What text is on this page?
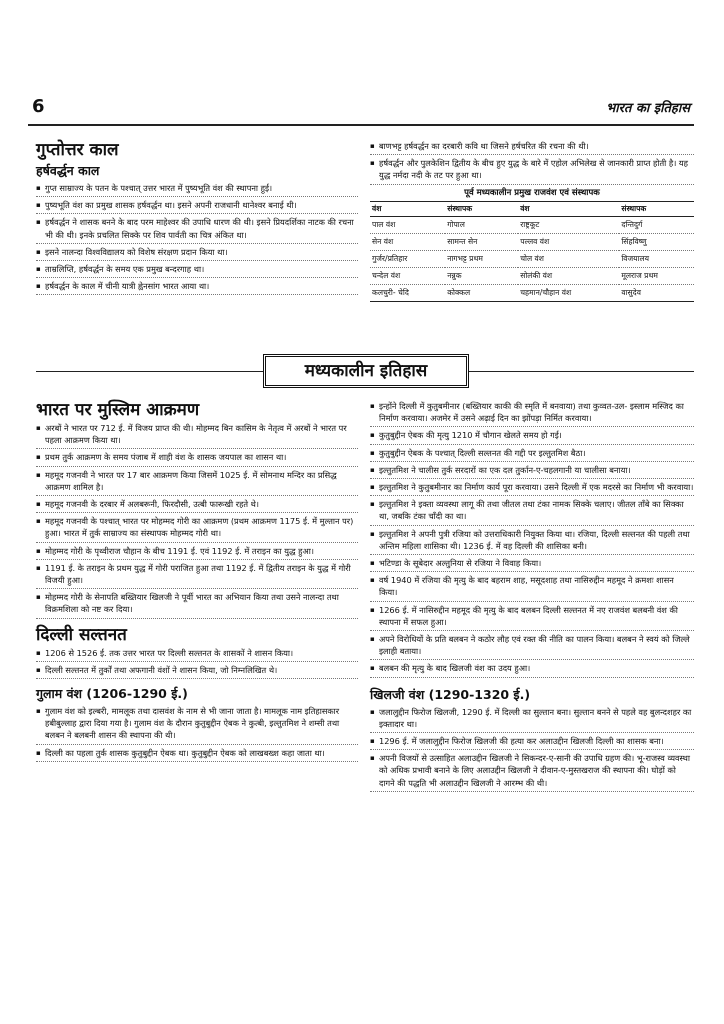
6	भारत का इतिहास
गुप्तोत्तर काल
हर्षवर्द्धन काल
▪ गुप्त साम्राज्य के पतन के पश्चात् उत्तर भारत में पुष्यभूति वंश की स्थापना हुई।
▪ पुष्यभूति वंश का प्रमुख शासक हर्षवर्द्धन था। इसने अपनी राजधानी थानेश्वर बनाई थी।
▪ हर्षवर्द्धन ने शासक बनने के बाद परम माहेश्वर की उपाधि धारण की थी। इसने प्रियदर्शिका नाटक की रचना भी की थी। इनके प्रचलित सिक्के पर शिव पार्वती का चित्र अंकित था।
▪ इसने नालन्दा विश्वविद्यालय को विशेष संरक्षण प्रदान किया था।
▪ ताम्रलिप्ति, हर्षवर्द्धन के समय एक प्रमुख बन्दरगाह था।
▪ हर्षवर्द्धन के काल में चीनी यात्री ह्वेनसांग भारत आया था।
▪ बाणभट्ट हर्षवर्द्धन का दरबारी कवि था जिसने हर्षचरित की रचना की थी।
▪ हर्षवर्द्धन और पुलकेशिन द्वितीय के बीच हुए युद्ध के बारे में एहोल अभिलेख से जानकारी प्राप्त होती है। यह युद्ध नर्मदा नदी के तट पर हुआ था।
पूर्व मध्यकालीन प्रमुख राजवंश एवं संस्थापक
वंश	संस्थापक	वंश	संस्थापक
पाल वंश	गोपाल	राष्ट्रकूट	दन्तिदुर्ग
सेन वंश	सामन्त सेन	पल्लव वंश	सिंहविष्णु
गुर्जर/प्रतिहार	नागभट्ट प्रथम	चोल वंश	विजयालय
चन्देल वंश	नन्नुक	सोलंकी वंश	मूलराज प्रथम
कलचुरी- चेदि	कोक्कल	चहमान/चौहान वंश	वासुदेव
मध्यकालीन इतिहास
भारत पर मुस्लिम आक्रमण
▪ अरबों ने भारत पर 712 ई. में विजय प्राप्त की थी। मोहम्मद बिन कासिम के नेतृत्व में अरबों ने भारत पर पहला आक्रमण किया था।
▪ प्रथम तुर्क आक्रमण के समय पंजाब में शाही वंश के शासक जयपाल का शासन था।
▪ महमूद गजनवी ने भारत पर 17 बार आक्रमण किया जिसमें 1025 ई. में सोमनाथ मन्दिर का प्रसिद्ध आक्रमण शामिल है।
▪ महमूद गजनवी के दरबार में अलबरूनी, फिरदौसी, उत्बी फारूखी रहते थे।
▪ महमूद गजनवी के पश्चात् भारत पर मोहम्मद गोरी का आक्रमण (प्रथम आक्रमण 1175 ई. में मुल्तान पर) हुआ। भारत में तुर्क साम्राज्य का संस्थापक मोहम्मद गोरी था।
▪ मोहम्मद गोरी के पृथ्वीराज चौहान के बीच 1191 ई. एवं 1192 ई. में तराइन का युद्ध हुआ।
▪ 1191 ई. के तराइन के प्रथम युद्ध में गोरी पराजित हुआ तथा 1192 ई. में द्वितीय तराइन के युद्ध में गोरी विजयी हुआ।
▪ मोहम्मद गोरी के सेनापति बख्तियार खिलजी ने पूर्वी भारत का अभियान किया तथा उसने नालन्दा तथा विक्रमशिला को नष्ट कर दिया।
दिल्ली सल्तनत
▪ 1206 से 1526 ई. तक उत्तर भारत पर दिल्ली सल्तनत के शासकों ने शासन किया।
▪ दिल्ली सल्तनत में तुर्कों तथा अफगानी वंशों ने शासन किया, जो निम्नलिखित थे।
गुलाम वंश (1206-1290 ई.)
▪ गुलाम वंश को इल्बरी, मामलूक तथा दासवंश के नाम से भी जाना जाता है। मामलूक नाम इतिहासकार हबीबुल्लाह द्वारा दिया गया है। गुलाम वंश के दौरान कुतुबुद्दीन ऐबक ने कुत्बी, इल्तुतमिश ने शम्सी तथा बलबन ने बलबनी शासन की स्थापना की थी।
▪ दिल्ली का पहला तुर्क शासक कुतुबुद्दीन ऐबक था। कुतुबुद्दीन ऐबक को लाखबख्श कहा जाता था।
▪ इन्होंने दिल्ली में कुतुबमीनार (बख्तियार काकी की स्मृति में बनवाया) तथा कुव्वत-उल- इस्लाम मस्जिद का निर्माण करवाया। अजमेर में उसने अढ़ाई दिन का झोंपड़ा निर्मित करवाया।
▪ कुतुबुद्दीन ऐबक की मृत्यु 1210 में चौगान खेलते समय हो गई।
▪ कुतुबुद्दीन ऐबक के पश्चात् दिल्ली सल्तनत की गद्दी पर इल्तुतमिश बैठा।
▪ इल्तुतमिश ने चालीस तुर्क सरदारों का एक दल तुर्कान-ए-चहलगानी या चालीसा बनाया।
▪ इल्तुतमिश ने कुतुबमीनार का निर्माण कार्य पूरा करवाया। उसने दिल्ली में एक मदरसे का निर्माण भी करवाया।
▪ इल्तुतमिश ने इक्ता व्यवस्था लागू की तथा जीतल तथा टंका नामक सिक्के चलाए। जीतल ताँबे का सिक्का था, जबकि टंका चाँदी का था।
▪ इल्तुतमिश ने अपनी पुत्री रजिया को उत्तराधिकारी नियुक्त किया था। रजिया, दिल्ली सल्तनत की पहली तथा अन्तिम महिला शासिका थी। 1236 ई. में वह दिल्ली की शासिका बनी।
▪ भटिण्डा के सूबेदार अल्तुनिया से रजिया ने विवाह किया।
▪ वर्ष 1940 में रजिया की मृत्यु के बाद बहराम शाह, मसूदशाह तथा नासिरुद्दीन महमूद ने क्रमशः शासन किया।
▪ 1266 ई. में नासिरुद्दीन महमूद की मृत्यु के बाद बलबन दिल्ली सल्तनत में नए राजवंश बलबनी वंश की स्थापना में सफल हुआ।
▪ अपने विरोधियों के प्रति बलबन ने कठोर लौह एवं रक्त की नीति का पालन किया। बलबन ने स्वयं को जिल्ले इलाही बताया।
▪ बलबन की मृत्यु के बाद खिलजी वंश का उदय हुआ।
खिलजी वंश (1290-1320 ई.)
▪ जलालुद्दीन फिरोज खिलजी, 1290 ई. में दिल्ली का सुल्तान बना। सुल्तान बनने से पहले वह बुलन्दशहर का इक्तादार था।
▪ 1296 ई. में जलालुद्दीन फिरोज खिलजी की हत्या कर अलाउद्दीन खिलजी दिल्ली का शासक बना।
▪ अपनी विजयों से उत्साहित अलाउद्दीन खिलजी ने सिकन्दर-ए-सानी की उपाधि ग्रहण की। भू-राजस्व व्यवस्था को अधिक प्रभावी बनाने के लिए अलाउद्दीन खिलजी ने दीवान-ए-मुस्तखराज की स्थापना की। घोड़ों को दागने की पद्धति भी अलाउद्दीन खिलजी ने आरम्भ की थी।
